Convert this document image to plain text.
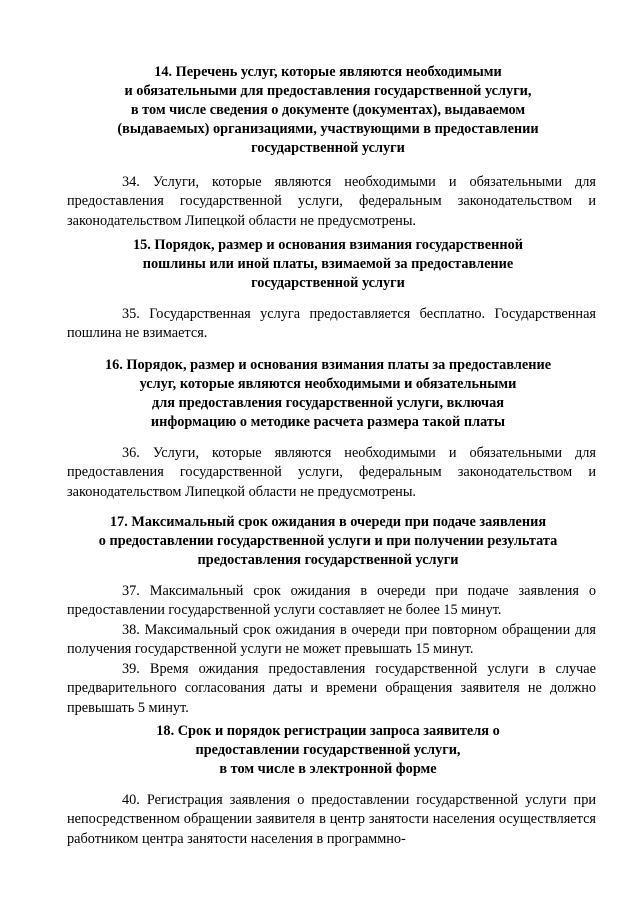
14. Перечень услуг, которые являются необходимыми
и обязательными для предоставления государственной услуги,
в том числе сведения о документе (документах), выдаваемом
(выдаваемых) организациями, участвующими в предоставлении
государственной услуги

34. Услуги, которые являются необходимыми и обязательными для предоставления государственной услуги, федеральным законодательством и законодательством Липецкой области не предусмотрены.

15. Порядок, размер и основания взимания государственной
пошлины или иной платы, взимаемой за предоставление
государственной услуги

35. Государственная услуга предоставляется бесплатно. Государственная пошлина не взимается.

16. Порядок, размер и основания взимания платы за предоставление
услуг, которые являются необходимыми и обязательными
для предоставления государственной услуги, включая
информацию о методике расчета размера такой платы

36. Услуги, которые являются необходимыми и обязательными для предоставления государственной услуги, федеральным законодательством и законодательством Липецкой области не предусмотрены.

17. Максимальный срок ожидания в очереди при подаче заявления
о предоставлении государственной услуги и при получении результата
предоставления государственной услуги

37. Максимальный срок ожидания в очереди при подаче заявления о предоставлении государственной услуги составляет не более 15 минут.

38. Максимальный срок ожидания в очереди при повторном обращении для получения государственной услуги не может превышать 15 минут.

39. Время ожидания предоставления государственной услуги в случае предварительного согласования даты и времени обращения заявителя не должно превышать 5 минут.

18. Срок и порядок регистрации запроса заявителя о
предоставлении государственной услуги,
в том числе в электронной форме

40. Регистрация заявления о предоставлении государственной услуги при непосредственном обращении заявителя в центр занятости населения осуществляется работником центра занятости населения в программно-
